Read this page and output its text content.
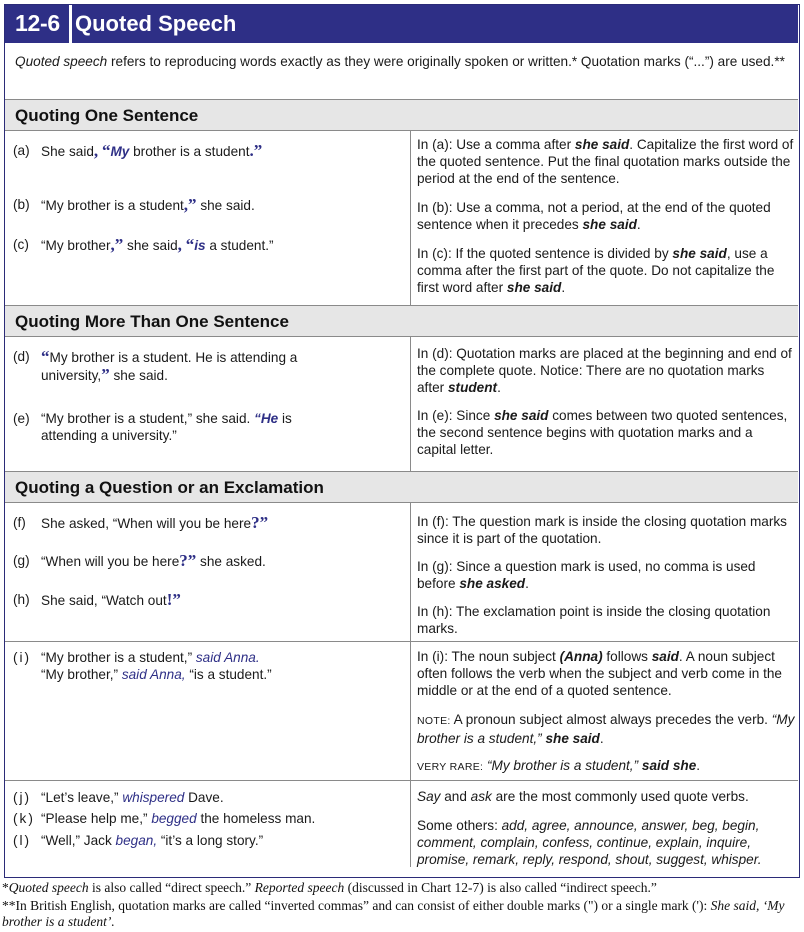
12-6 Quoted Speech
Quoted speech refers to reproducing words exactly as they were originally spoken or written.* Quotation marks (“...”) are used.**
Quoting One Sentence
(a) She said, “My brother is a student.”
(b) “My brother is a student,” she said.
(c) “My brother,” she said, “is a student.”
In (a): Use a comma after she said. Capitalize the first word of the quoted sentence. Put the final quotation marks outside the period at the end of the sentence.
In (b): Use a comma, not a period, at the end of the quoted sentence when it precedes she said.
In (c): If the quoted sentence is divided by she said, use a comma after the first part of the quote. Do not capitalize the first word after she said.
Quoting More Than One Sentence
(d) “My brother is a student. He is attending a
university,” she said.
(e) “My brother is a student,” she said. “He is
attending a university.”
In (d): Quotation marks are placed at the beginning and end of the complete quote. Notice: There are no quotation marks after student.
In (e): Since she said comes between two quoted sentences, the second sentence begins with quotation marks and a capital letter.
Quoting a Question or an Exclamation
(f)	She asked, “When will you be here?”
(g) “When will you be here?” she asked.
(h) She said, “Watch out!”
In (f): The question mark is inside the closing quotation marks since it is part of the quotation.
In (g): Since a question mark is used, no comma is used before she asked.
In (h): The exclamation point is inside the closing quotation marks.
(i) “My brother is a student,” said Anna.
“My brother,” said Anna, “is a student.”
In (i): The noun subject (Anna) follows said. A noun subject often follows the verb when the subject and verb come in the middle or at the end of a quoted sentence.
NOTE: A pronoun subject almost always precedes the verb. “My brother is a student,” she said.
VERY RARE: “My brother is a student,” said she.
(j) “Let’s leave,” whispered Dave.
(k) “Please help me,” begged the homeless man.
(l) “Well,” Jack began, “it’s a long story.”
Say and ask are the most commonly used quote verbs.
Some others: add, agree, announce, answer, beg, begin, comment, complain, confess, continue, explain, inquire, promise, remark, reply, respond, shout, suggest, whisper.
*Quoted speech is also called “direct speech.” Reported speech (discussed in Chart 12-7) is also called “indirect speech.”
**In British English, quotation marks are called “inverted commas” and can consist of either double marks (") or a single mark ('): She said, ‘My brother is a student’.
